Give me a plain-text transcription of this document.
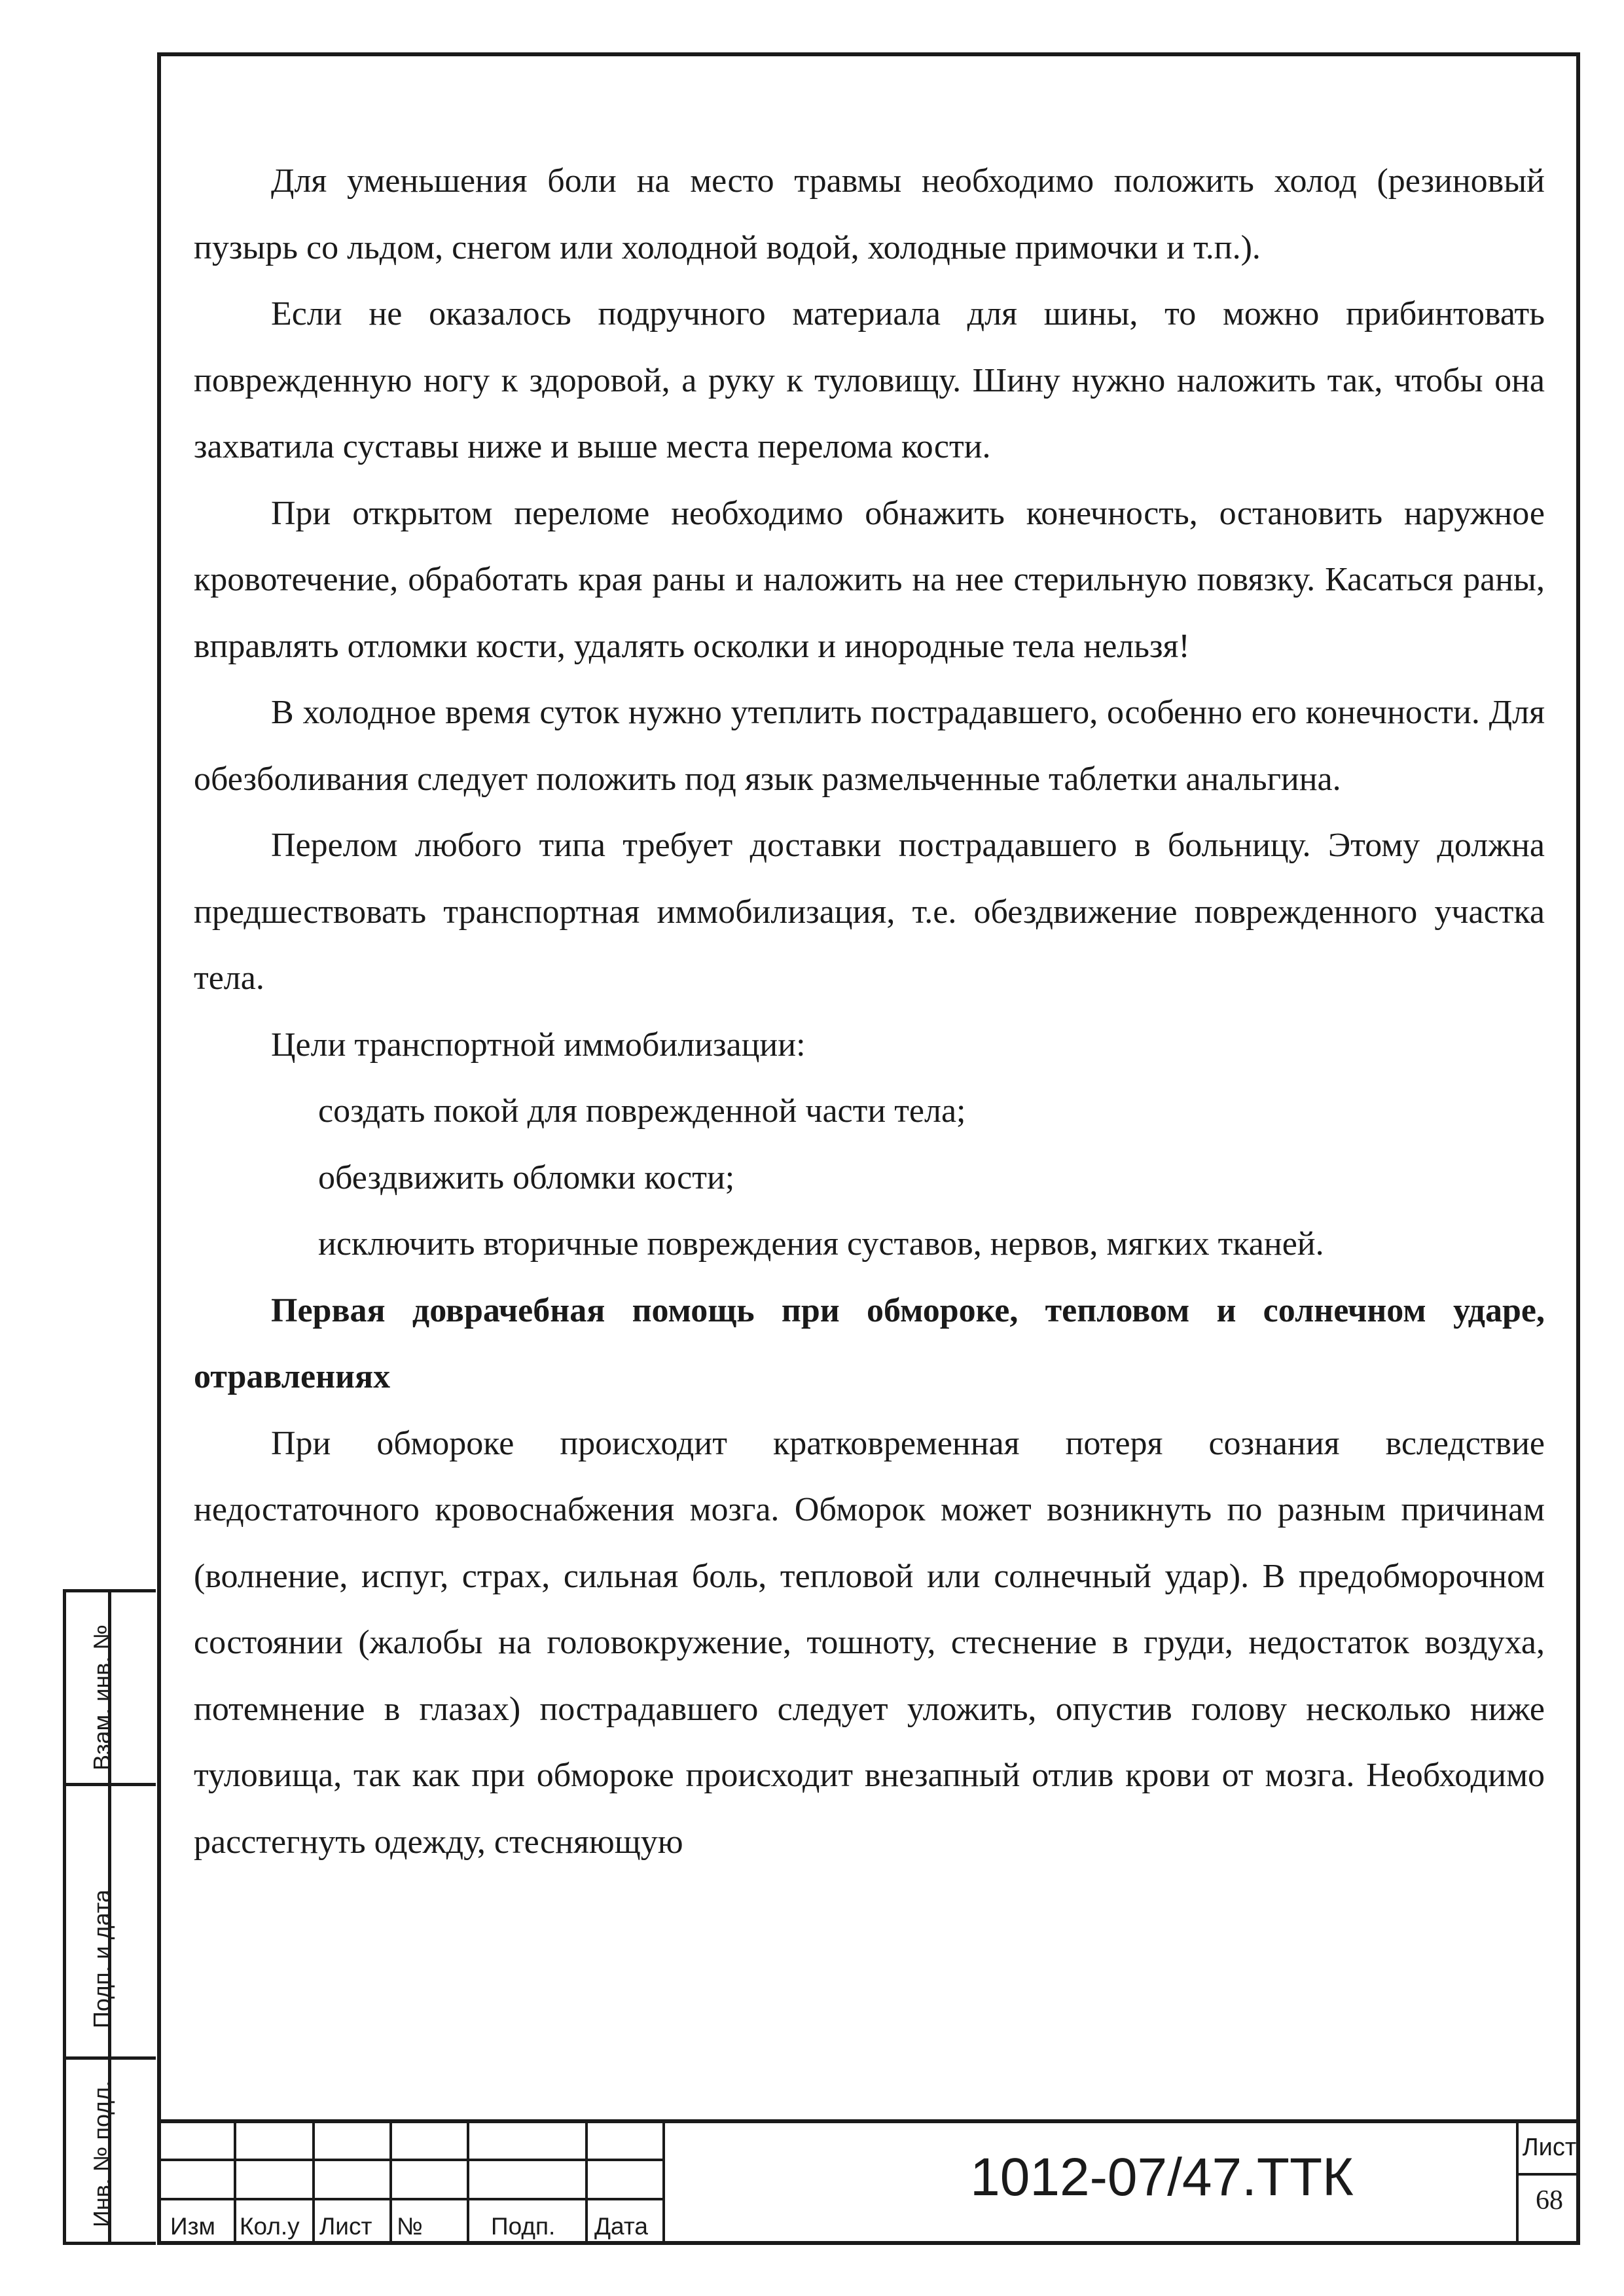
Для уменьшения боли на место травмы необходимо положить холод (резиновый пузырь со льдом, снегом или холодной водой, холодные примочки и т.п.).

Если не оказалось подручного материала для шины, то можно прибинтовать поврежденную ногу к здоровой, а руку к туловищу. Шину нужно наложить так, чтобы она захватила суставы ниже и выше места перелома кости.

При открытом переломе необходимо обнажить конечность, остановить наружное кровотечение, обработать края раны и наложить на нее стерильную повязку. Касаться раны, вправлять отломки кости, удалять осколки и инородные тела нельзя!

В холодное время суток нужно утеплить пострадавшего, особенно его конечности. Для обезболивания следует положить под язык размельченные таблетки анальгина.

Перелом любого типа требует доставки пострадавшего в больницу. Этому должна предшествовать транспортная иммобилизация, т.е. обездвижение поврежденного участка тела.

Цели транспортной иммобилизации:

создать покой для поврежденной части тела;

обездвижить обломки кости;

исключить вторичные повреждения суставов, нервов, мягких тканей.

Первая доврачебная помощь при обмороке, тепловом и солнечном ударе, отравлениях

При обмороке происходит кратковременная потеря сознания вследствие недостаточного кровоснабжения мозга. Обморок может возникнуть по разным причинам (волнение, испуг, страх, сильная боль, тепловой или солнечный удар). В предобморочном состоянии (жалобы на головокружение, тошноту, стеснение в груди, недостаток воздуха, потемнение в глазах) пострадавшего следует уложить, опустив голову несколько ниже туловища, так как при обмороке происходит внезапный отлив крови от мозга. Необходимо расстегнуть одежду, стесняющую

Взам. инв. №
Подп. и дата
Инв. № подл. Изм Кол.у Лист №	Подп. Дата
1012-07/47.ТТК	Лист
68
